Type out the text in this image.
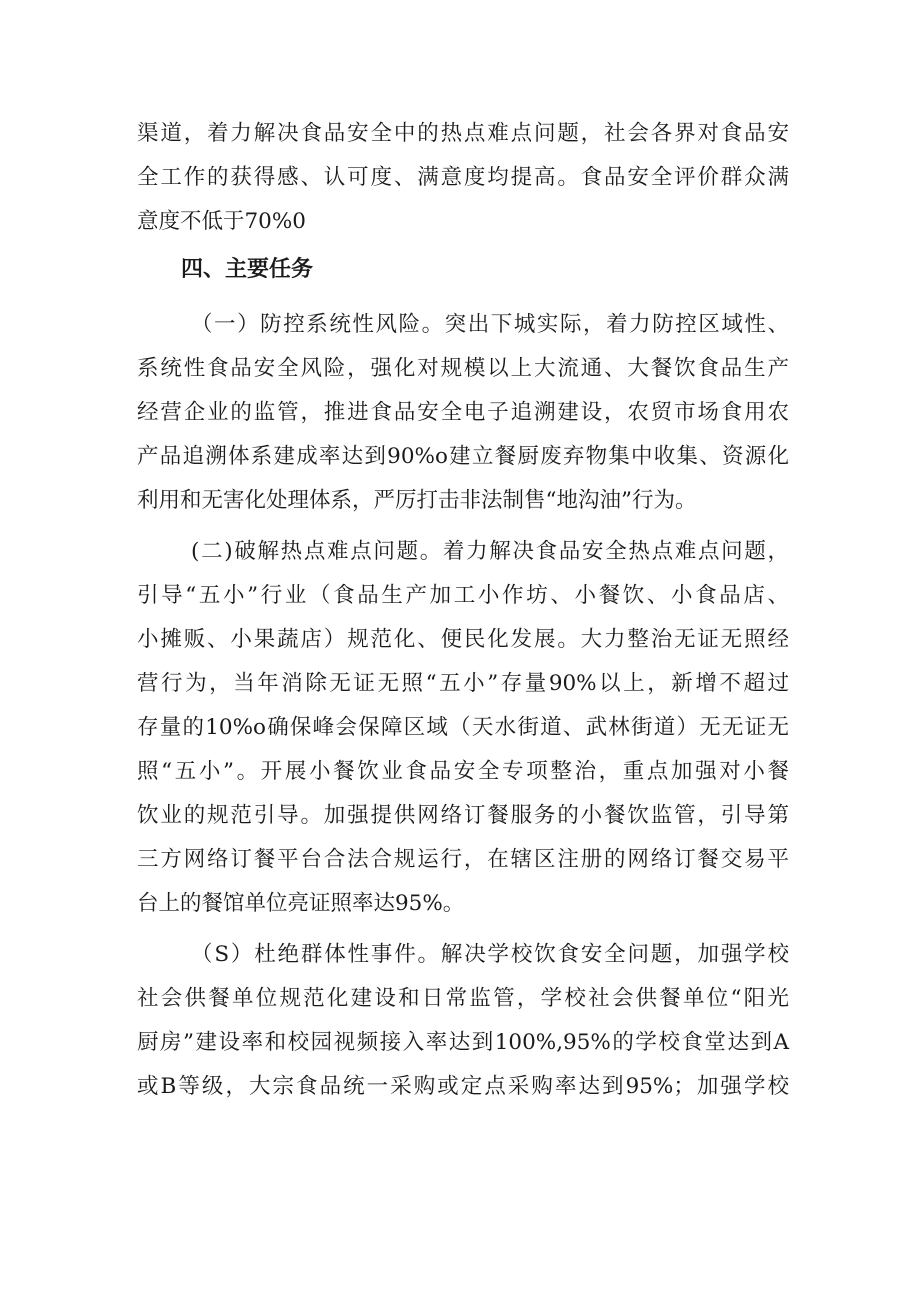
渠道，着力解决食品安全中的热点难点问题，社会各界对食品安
全工作的获得感、认可度、满意度均提高。食品安全评价群众满
意度不低于70%0
四、主要任务
（一）防控系统性风险。突出下城实际，着力防控区域性、
系统性食品安全风险，强化对规模以上大流通、大餐饮食品生产
经营企业的监管，推进食品安全电子追溯建设，农贸市场食用农
产品追溯体系建成率达到90%o建立餐厨废弃物集中收集、资源化
利用和无害化处理体系，严厉打击非法制售“地沟油”行为。
(二)破解热点难点问题。着力解决食品安全热点难点问题，
引导“五小”行业（食品生产加工小作坊、小餐饮、小食品店、
小摊贩、小果蔬店）规范化、便民化发展。大力整治无证无照经
营行为，当年消除无证无照“五小”存量90%以上，新增不超过
存量的10%o确保峰会保障区域（天水街道、武林街道）无无证无
照“五小”。开展小餐饮业食品安全专项整治，重点加强对小餐
饮业的规范引导。加强提供网络订餐服务的小餐饮监管，引导第
三方网络订餐平台合法合规运行，在辖区注册的网络订餐交易平
台上的餐馆单位亮证照率达95%。
（S）杜绝群体性事件。解决学校饮食安全问题，加强学校
社会供餐单位规范化建设和日常监管，学校社会供餐单位“阳光
厨房”建设率和校园视频接入率达到100%,95%的学校食堂达到A
或B等级，大宗食品统一采购或定点采购率达到95%；加强学校
